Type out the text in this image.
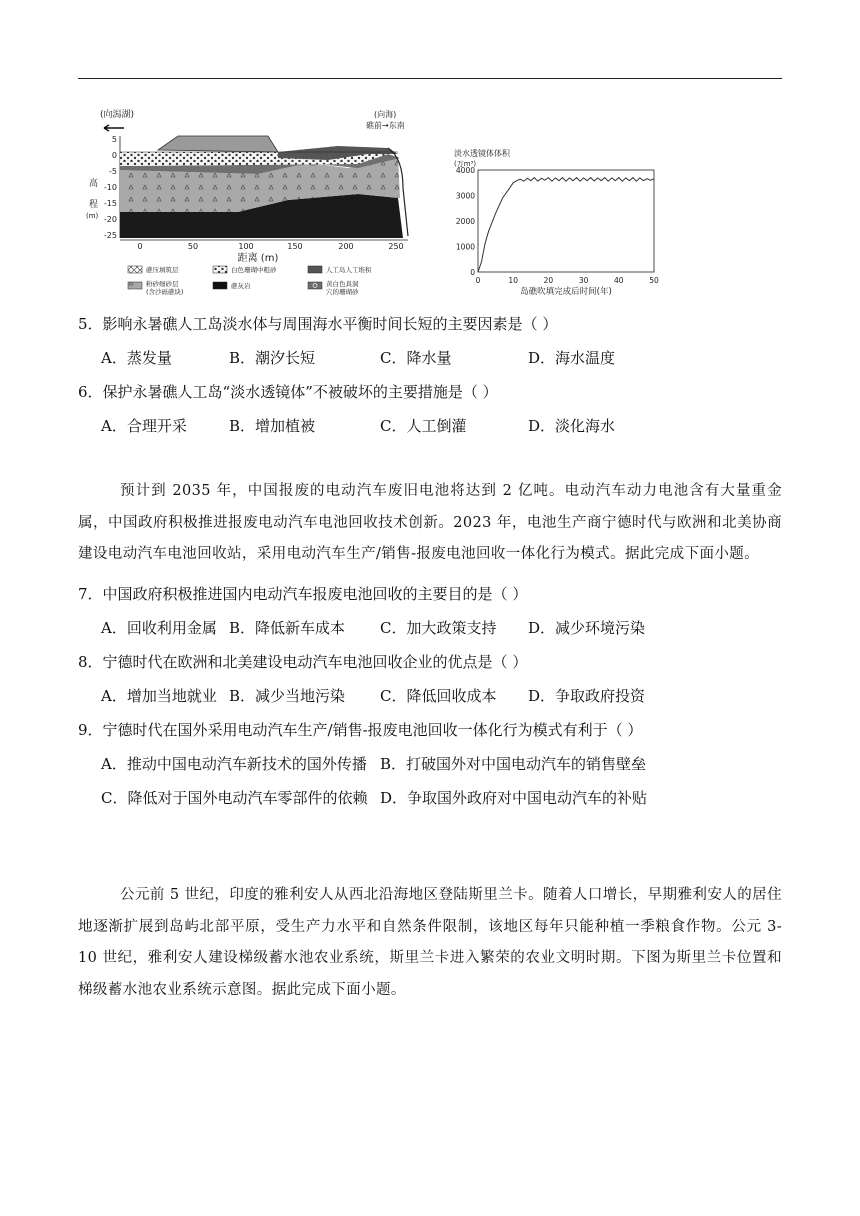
(向潟湖)	(向海)
礁前→东南
5
0
-5
-10
-15
-20
-25
高
程
(m)
0	50	100	150	200	250
距离 (m)
礁压填筑层	白色珊瑚中粗砂	人工岛人工堆积
粉砂细砂层
(含沙砾礁块)
礁灰岩	黄白色具洞
穴的珊瑚砂
淡水透镜体体积
(万m³)
0
1000
2000
3000
4000
0	10	20	30	40	50
岛礁吹填完成后时间(年)
5．影响永暑礁人工岛淡水体与周围海水平衡时间长短的主要因素是（ ）
A．蒸发量	B．潮汐长短	C．降水量	D．海水温度
6．保护永暑礁人工岛“淡水透镜体”不被破坏的主要措施是（ ）
A．合理开采	B．增加植被	C．人工倒灌	D．淡化海水
预计到 2035 年，中国报废的电动汽车废旧电池将达到 2 亿吨。电动汽车动力电池含有大量重金属，中国政府积极推进报废电动汽车电池回收技术创新。2023 年，电池生产商宁德时代与欧洲和北美协商建设电动汽车电池回收站，采用电动汽车生产/销售-报废电池回收一体化行为模式。据此完成下面小题。
7．中国政府积极推进国内电动汽车报废电池回收的主要目的是（ ）
A．回收利用金属 B．降低新车成本 C．加大政策支持 D．减少环境污染
8．宁德时代在欧洲和北美建设电动汽车电池回收企业的优点是（ ）
A．增加当地就业 B．减少当地污染 C．降低回收成本 D．争取政府投资
9．宁德时代在国外采用电动汽车生产/销售-报废电池回收一体化行为模式有利于（ ）
A．推动中国电动汽车新技术的国外传播 B．打破国外对中国电动汽车的销售壁垒
C．降低对于国外电动汽车零部件的依赖 D．争取国外政府对中国电动汽车的补贴
公元前 5 世纪，印度的雅利安人从西北沿海地区登陆斯里兰卡。随着人口增长，早期雅利安人的居住地逐渐扩展到岛屿北部平原，受生产力水平和自然条件限制，该地区每年只能种植一季粮食作物。公元 3-10 世纪，雅利安人建设梯级蓄水池农业系统，斯里兰卡进入繁荣的农业文明时期。下图为斯里兰卡位置和梯级蓄水池农业系统示意图。据此完成下面小题。
